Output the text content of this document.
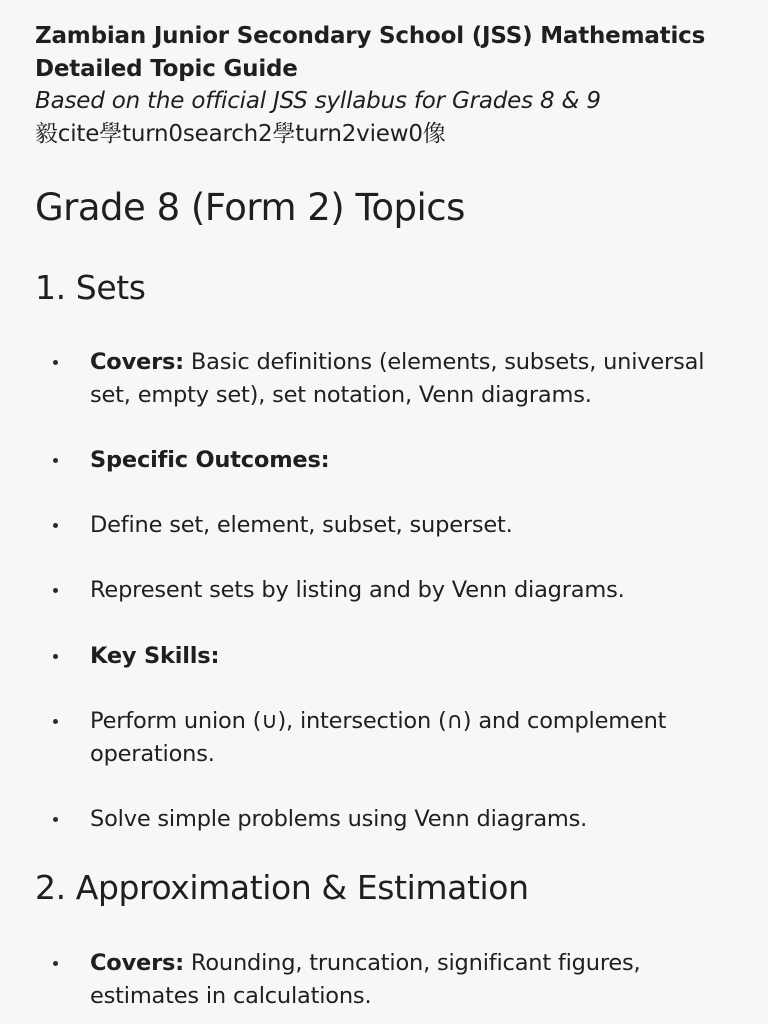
Zambian Junior Secondary School (JSS) Mathematics Detailed Topic Guide
Based on the official JSS syllabus for Grades 8 & 9
毅cite學turn0search2學turn2view0像
Grade 8 (Form 2) Topics
1. Sets
Covers: Basic definitions (elements, subsets, universal set, empty set), set notation, Venn diagrams.
Specific Outcomes:
Define set, element, subset, superset.
Represent sets by listing and by Venn diagrams.
Key Skills:
Perform union (∪), intersection (∩) and complement operations.
Solve simple problems using Venn diagrams.
2. Approximation & Estimation
Covers: Rounding, truncation, significant figures, estimates in calculations.
